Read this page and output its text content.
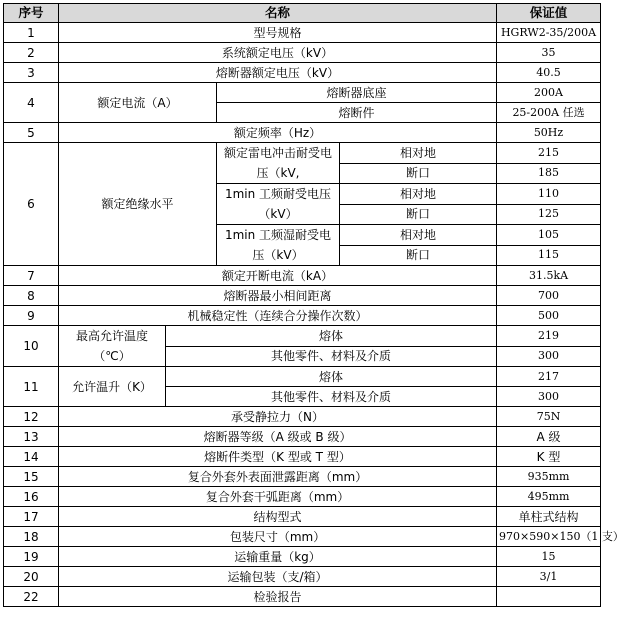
序号	名称				保证值	
1	型号规格				HGRW2-35/200A	
2	系统额定电压（kV）				35	
3	熔断器额定电压（kV）				40.5	
4	额定电流（A）		熔断器底座		200A	
			熔断件		25-200A 任选	
5	额定频率（Hz）				50Hz	
6	额定绝缘水平		额定雷电冲击耐受电压（kV,	相对地	215	
				断口	185	
			1min 工频耐受电压（kV）	相对地	110	
				断口	125	
			1min 工频湿耐受电压（kV）	相对地	105	
				断口	115	
7	额定开断电流（kA）				31.5kA	
8	熔断器最小相间距离				700	
9	机械稳定性（连续合分操作次数）				500	
10	最高允许温度（℃）	熔体			219	
		其他零件、材料及介质			300	
11	允许温升（K）	熔体			217	
		其他零件、材料及介质			300	
12	承受静拉力（N）				75N	
13	熔断器等级（A 级或 B 级）				A 级	
14	熔断件类型（K 型或 T 型）				K 型	
15	复合外套外表面泄露距离（mm）				935mm	
16	复合外套干弧距离（mm）				495mm	
17	结构型式				单柱式结构	
18	包装尺寸（mm）				970×590×150（1 支）	
19	运输重量（kg）				15	
20	运输包装（支/箱）				3/1	
22	检验报告		
